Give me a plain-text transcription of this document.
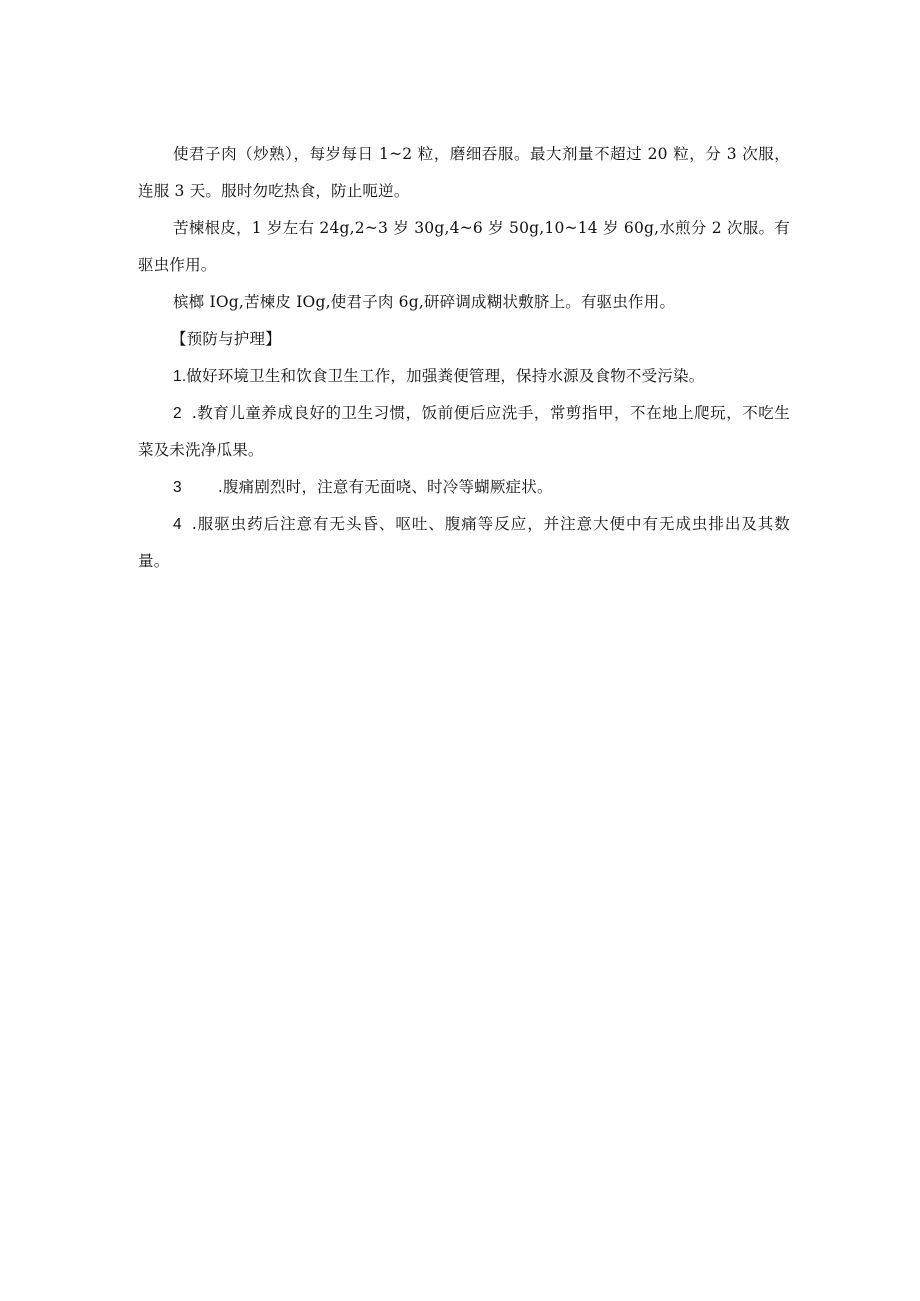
使君子肉（炒熟），每岁每日 1~2 粒，磨细吞服。最大剂量不超过 20 粒，分 3 次服，连服 3 天。服时勿吃热食，防止呃逆。

苦楝根皮，1 岁左右 24g,2~3 岁 30g,4~6 岁 50g,10~14 岁 60g,水煎分 2 次服。有驱虫作用。

槟榔 IOg,苦楝皮 IOg,使君子肉 6g,研碎调成糊状敷脐上。有驱虫作用。

【预防与护理】

1.做好环境卫生和饮食卫生工作，加强粪便管理，保持水源及食物不受污染。

2 .教育儿童养成良好的卫生习惯，饭前便后应洗手，常剪指甲，不在地上爬玩，不吃生菜及未洗净瓜果。

3 .腹痛剧烈时，注意有无面哓、时冷等蝴厥症状。

4 .服驱虫药后注意有无头昏、呕吐、腹痛等反应，并注意大便中有无成虫排出及其数量。
